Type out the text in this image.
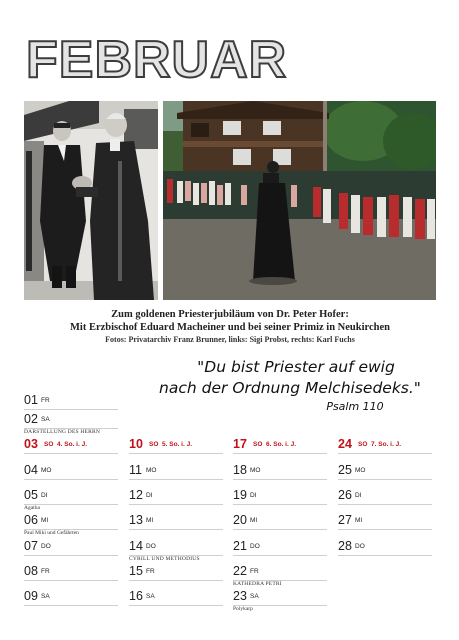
FEBRUAR
Zum goldenen Priesterjubiläum von Dr. Peter Hofer:
Mit Erzbischof Eduard Macheiner und bei seiner Primiz in Neukirchen
Fotos: Privatarchiv Franz Brunner, links: Sigi Probst, rechts: Karl Fuchs
"Du bist Priester auf ewig
nach der Ordnung Melchisedeks."
Psalm 110
01 FR
02 SA
DARSTELLUNG DES HERRN
03 SO 4. So. i. J.
04 MO
05 DI
Agatha
06 MI
Paul Miki und Gefährten
07 DO
08 FR
09 SA
10 SO 5. So. i. J.
11 MO
12 DI
13 MI
14 DO
CYRILL UND METHODIUS
15 FR
16 SA
17 SO 6. So. i. J.
18 MO
19 DI
20 MI
21 DO
22 FR
KATHEDRA PETRI
23 SA
Polykarp
24 SO 7. So. i. J.
25 MO
26 DI
27 MI
28 DO
